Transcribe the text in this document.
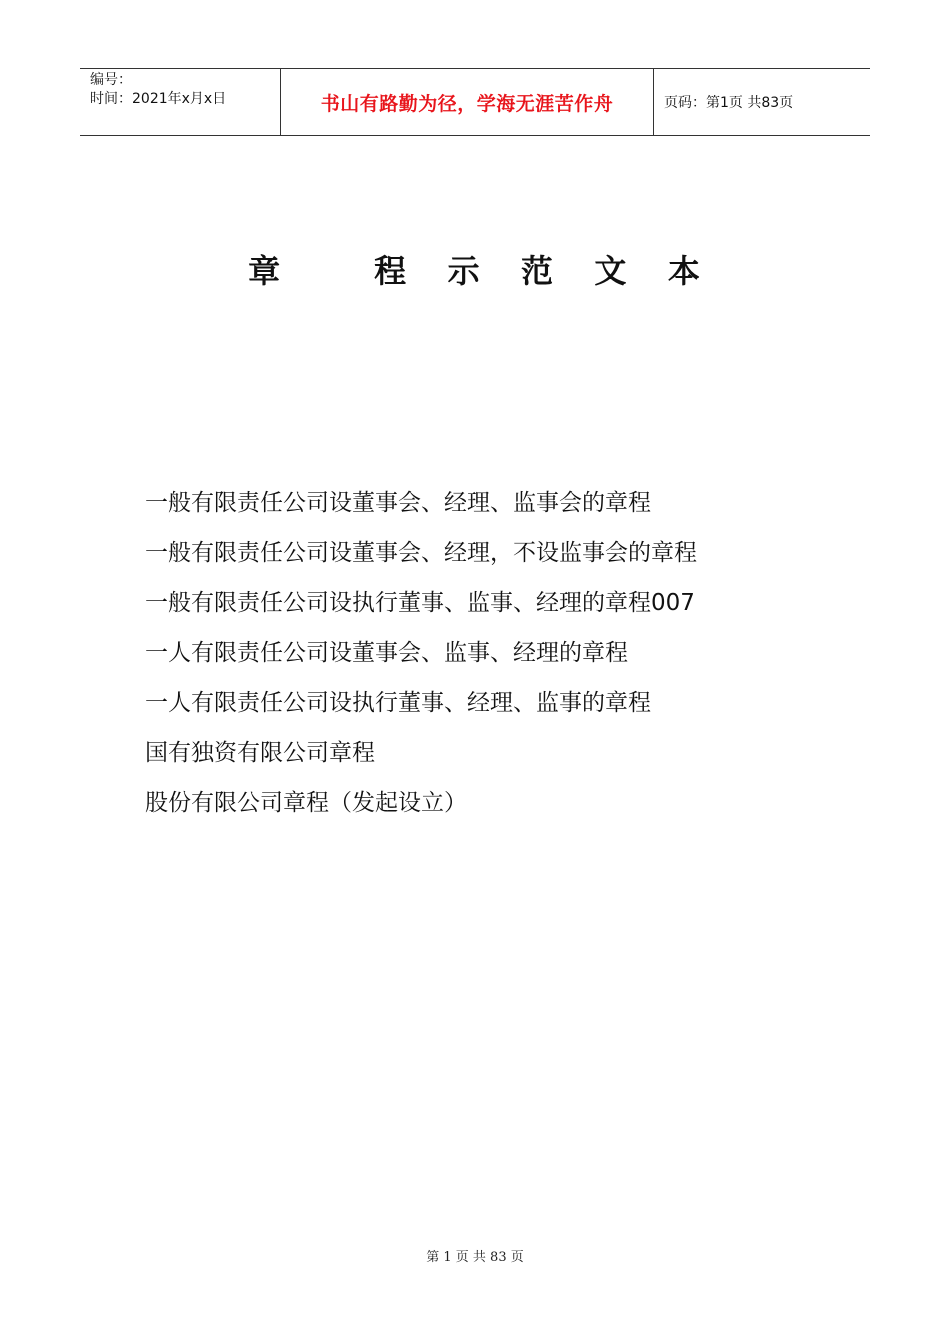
编号：
时间：2021年x月x日	书山有路勤为径，学海无涯苦作舟	页码：第1页 共83页
章       程   示   范   文   本
一般有限责任公司设董事会、经理、监事会的章程
一般有限责任公司设董事会、经理，不设监事会的章程
一般有限责任公司设执行董事、监事、经理的章程007
一人有限责任公司设董事会、监事、经理的章程
一人有限责任公司设执行董事、经理、监事的章程
国有独资有限公司章程
股份有限公司章程（发起设立）
第 1 页 共 83 页
